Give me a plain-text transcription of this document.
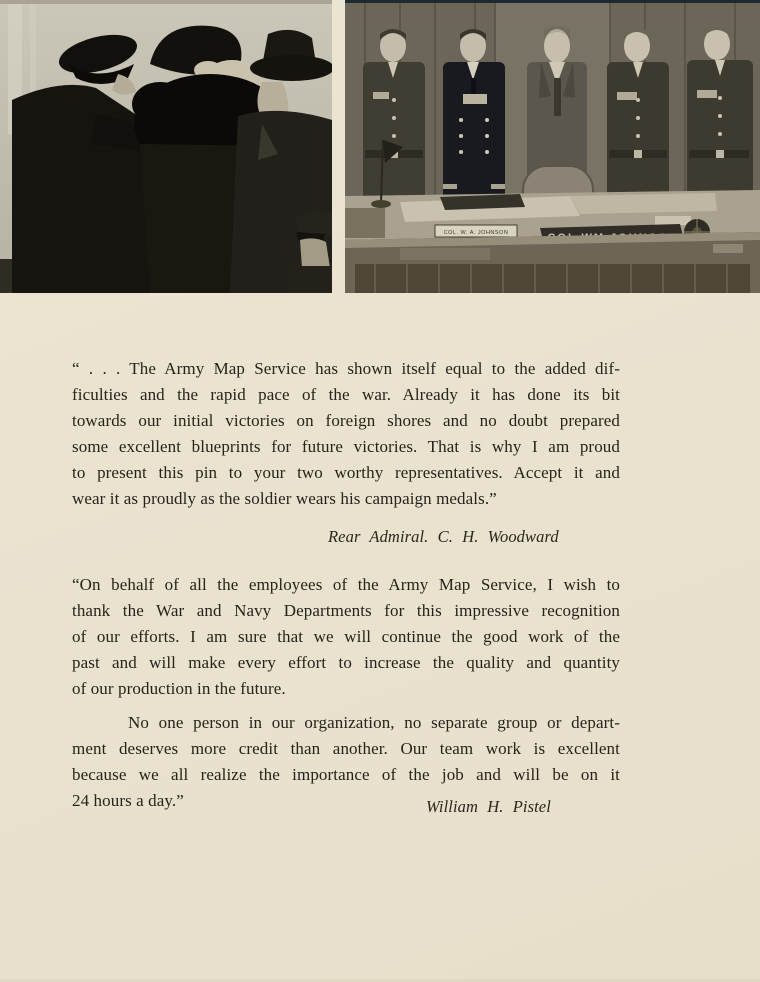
COL. W. A. JOHNSON
“ . . . The Army Map Service has shown itself equal to the added dif-
ficulties and the rapid pace of the war. Already it has done its bit
towards our initial victories on foreign shores and no doubt prepared
some excellent blueprints for future victories. That is why I am proud
to present this pin to your two worthy representatives. Accept it and
wear it as proudly as the soldier wears his campaign medals.”
Rear Admiral. C. H. Woodward
“On behalf of all the employees of the Army Map Service, I wish to
thank the War and Navy Departments for this impressive recognition
of our efforts. I am sure that we will continue the good work of the
past and will make every effort to increase the quality and quantity
of our production in the future.
No one person in our organization, no separate group or depart-
ment deserves more credit than another. Our team work is excellent
because we all realize the importance of the job and will be on it
24 hours a day.”	William H. Pistel
